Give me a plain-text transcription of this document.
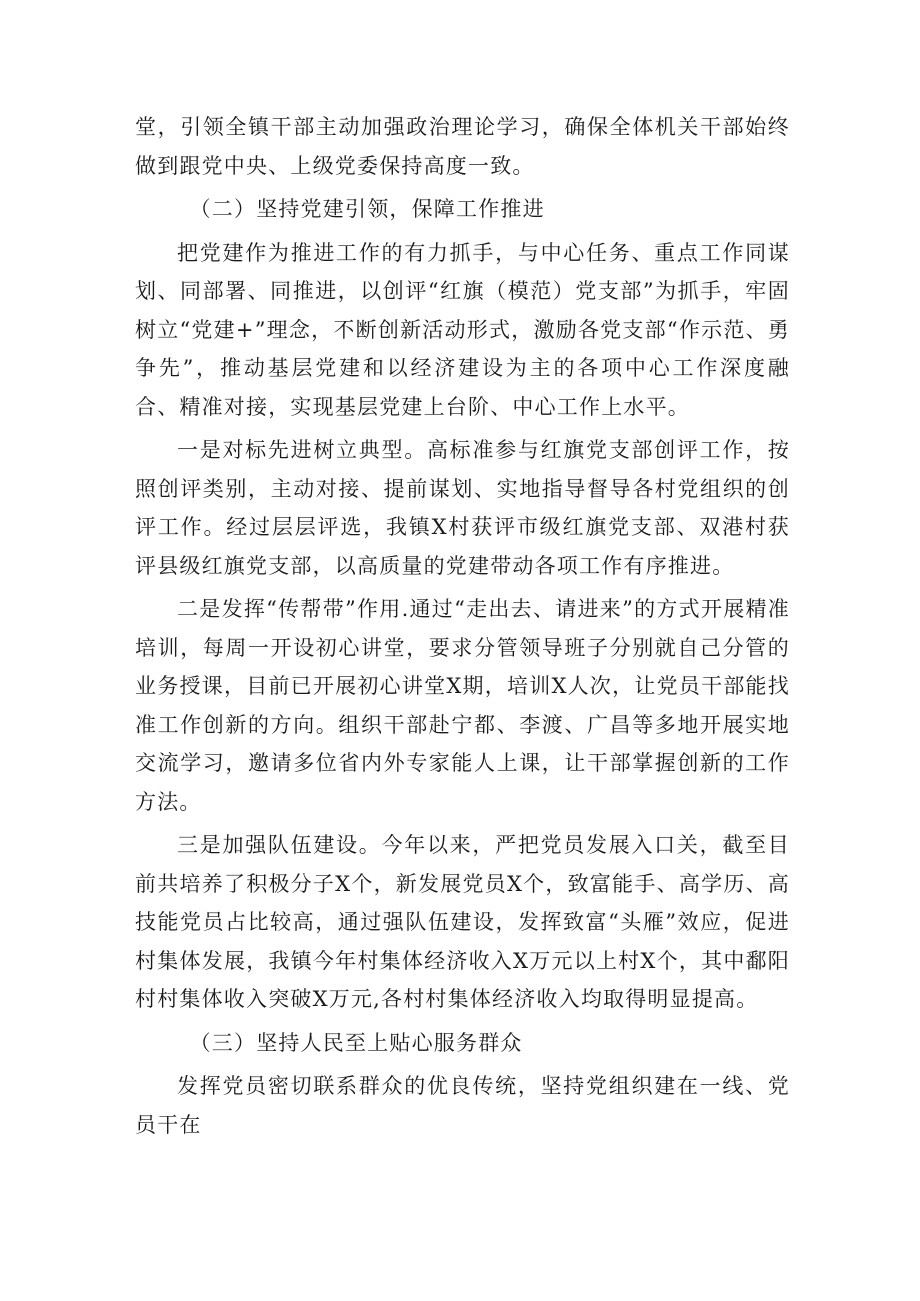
堂，引领全镇干部主动加强政治理论学习，确保全体机关干部始终做到跟党中央、上级党委保持高度一致。

（二）坚持党建引领，保障工作推进

把党建作为推进工作的有力抓手，与中心任务、重点工作同谋划、同部署、同推进，以创评“红旗（模范）党支部”为抓手，牢固树立“党建+”理念，不断创新活动形式，激励各党支部“作示范、勇争先”，推动基层党建和以经济建设为主的各项中心工作深度融合、精准对接，实现基层党建上台阶、中心工作上水平。

一是对标先进树立典型。高标准参与红旗党支部创评工作，按照创评类别，主动对接、提前谋划、实地指导督导各村党组织的创评工作。经过层层评选，我镇X村获评市级红旗党支部、双港村获评县级红旗党支部，以高质量的党建带动各项工作有序推进。

二是发挥“传帮带”作用.通过“走出去、请进来”的方式开展精准培训，每周一开设初心讲堂，要求分管领导班子分别就自己分管的业务授课，目前已开展初心讲堂X期，培训X人次，让党员干部能找准工作创新的方向。组织干部赴宁都、李渡、广昌等多地开展实地交流学习，邀请多位省内外专家能人上课，让干部掌握创新的工作方法。

三是加强队伍建设。今年以来，严把党员发展入口关，截至目前共培养了积极分子X个，新发展党员X个，致富能手、高学历、高技能党员占比较高，通过强队伍建设，发挥致富“头雁”效应，促进村集体发展，我镇今年村集体经济收入X万元以上村X个，其中鄱阳村村集体收入突破X万元,各村村集体经济收入均取得明显提高。

（三）坚持人民至上贴心服务群众

发挥党员密切联系群众的优良传统，坚持党组织建在一线、党员干在
